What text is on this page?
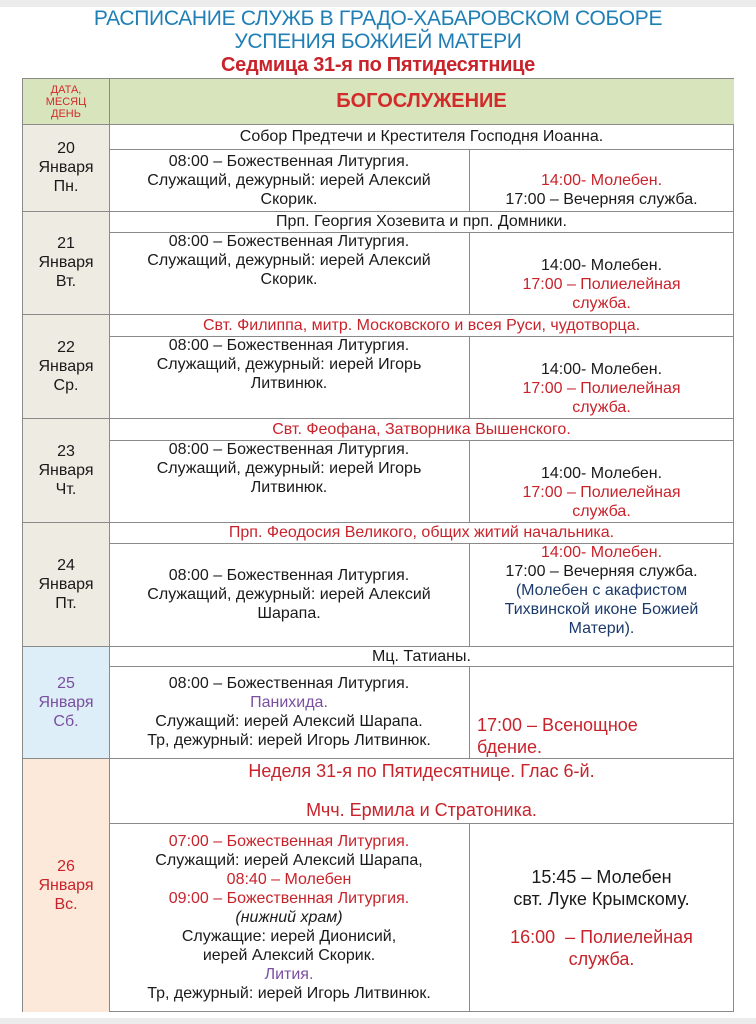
РАСПИСАНИЕ СЛУЖБ В ГРАДО-ХАБАРОВСКОМ СОБОРЕ
УСПЕНИЯ БОЖИЕЙ МАТЕРИ
Седмица 31-я по Пятидесятнице
ДАТА,
МЕСЯЦ
ДЕНЬ
БОГОСЛУЖЕНИЕ
20
Января
Пн.
Собор Предтечи и Крестителя Господня Иоанна.
08:00 – Божественная Литургия.
Служащий, дежурный: иерей Алексий
Скорик.
14:00- Молебен.
17:00 – Вечерняя служба.
21
Января
Вт.
Прп. Георгия Хозевита и прп. Домники.
08:00 – Божественная Литургия.
Служащий, дежурный: иерей Алексий
Скорик.
14:00- Молебен.
17:00 – Полиелейная
служба.
22
Января
Ср.
Свт. Филиппа, митр. Московского и всея Руси, чудотворца.
08:00 – Божественная Литургия.
Служащий, дежурный: иерей Игорь
Литвинюк.
14:00- Молебен.
17:00 – Полиелейная
служба.
23
Января
Чт.
Свт. Феофана, Затворника Вышенского.
08:00 – Божественная Литургия.
Служащий, дежурный: иерей Игорь
Литвинюк.
14:00- Молебен.
17:00 – Полиелейная
служба.
24
Января
Пт.
Прп. Феодосия Великого, общих житий начальника.
08:00 – Божественная Литургия.
Служащий, дежурный: иерей Алексий
Шарапа.
14:00- Молебен.
17:00 – Вечерняя служба.
(Молебен с акафистом
Тихвинской иконе Божией
Матери).
25
Января
Сб.
Мц. Татианы.
08:00 – Божественная Литургия.
Панихида.
Служащий: иерей Алексий Шарапа.
Тр, дежурный: иерей Игорь Литвинюк.
17:00 – Всенощное
бдение.
26
Января
Вс.
Неделя 31-я по Пятидесятнице. Глас 6-й.
Мчч. Ермила и Стратоника.
07:00 – Божественная Литургия.
Служащий: иерей Алексий Шарапа,
08:40 – Молебен
09:00 – Божественная Литургия.
(нижний храм)
Служащие: иерей Дионисий,
иерей Алексий Скорик.
Лития.
Тр, дежурный: иерей Игорь Литвинюк.
15:45 – Молебен
свт. Луке Крымскому.
16:00  – Полиелейная
служба.
